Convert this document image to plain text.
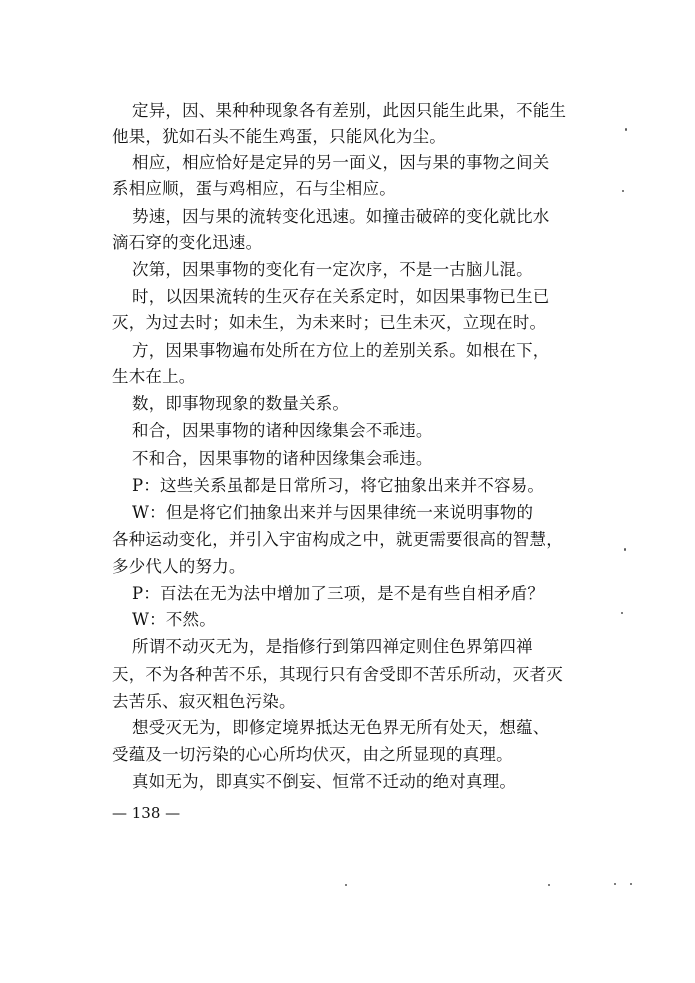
定异，因、果种种现象各有差别，此因只能生此果，不能生
他果，犹如石头不能生鸡蛋，只能风化为尘。
相应，相应恰好是定异的另一面义，因与果的事物之间关
系相应顺，蛋与鸡相应，石与尘相应。
势速，因与果的流转变化迅速。如撞击破碎的变化就比水
滴石穿的变化迅速。
次第，因果事物的变化有一定次序，不是一古脑儿混。
时，以因果流转的生灭存在关系定时，如因果事物已生已
灭，为过去时；如未生，为未来时；已生未灭，立现在时。
方，因果事物遍布处所在方位上的差别关系。如根在下，
生木在上。
数，即事物现象的数量关系。
和合，因果事物的诸种因缘集会不乖违。
不和合，因果事物的诸种因缘集会乖违。
P：这些关系虽都是日常所习，将它抽象出来并不容易。
W：但是将它们抽象出来并与因果律统一来说明事物的
各种运动变化，并引入宇宙构成之中，就更需要很高的智慧，
多少代人的努力。
P：百法在无为法中增加了三项，是不是有些自相矛盾？
W：不然。
所谓不动灭无为，是指修行到第四禅定则住色界第四禅
天，不为各种苦不乐，其现行只有舍受即不苦乐所动，灭者灭
去苦乐、寂灭粗色污染。
想受灭无为，即修定境界抵达无色界无所有处天，想蕴、
受蕴及一切污染的心心所均伏灭，由之所显现的真理。
真如无为，即真实不倒妄、恒常不迁动的绝对真理。
— 138 —
